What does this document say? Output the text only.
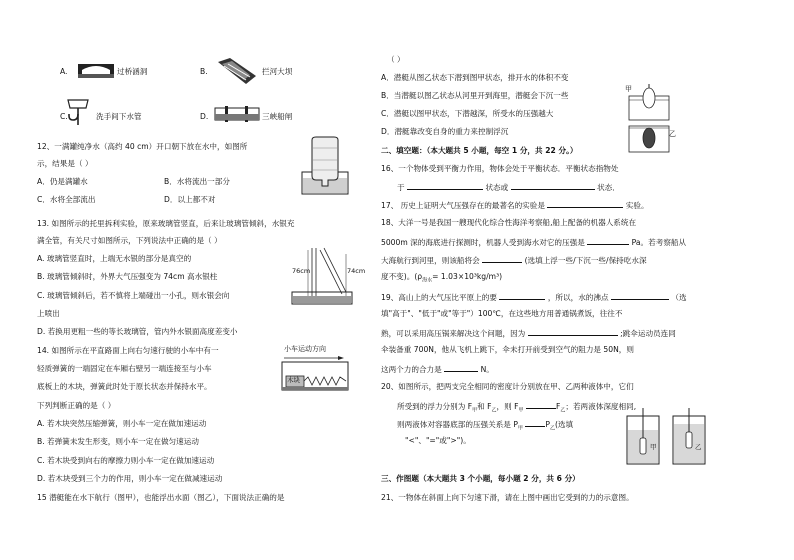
A.	过桥涵洞	B.	拦河大坝
C.	洗手间下水管	D.	三峡船闸
12、一满罐纯净水（高约 40 cm）开口朝下放在水中，如图所
示，结果是（ ）
A．仍是满罐水	B．水将流出一部分
C．水将全部流出	D．以上都不对
13. 如图所示的托里拆利实验，原来玻璃管竖直，后来让玻璃管倾斜，水银充
满全管，有关尺寸如图所示，下列说法中正确的是（ ）
A. 玻璃管竖直时，上端无水银的部分是真空的
B. 玻璃管倾斜时，外界大气压强变为 74cm 高水银柱
C. 玻璃管倾斜后，若不慎将上端碰出一小孔，则水银会向
上喷出
D. 若换用更粗一些的等长玻璃管，管内外水银面高度差变小
76cm	74cm
14. 如图所示在平直路面上向右匀速行驶的小车中有一
轻质弹簧的一端固定在车厢右壁另一端连接至与小车
底板上的木块，弹簧此时处于原长状态并保持水平。
下列判断正确的是（ ）
A. 若木块突然压缩弹簧，则小车一定在做加速运动
B. 若弹簧未发生形变，则小车一定在做匀速运动
C. 若木块受到向右的摩擦力则小车一定在做加速运动
D. 若木块受到三个力的作用，则小车一定在做减速运动
小车运动方向
木块
15 潜艇能在水下航行（图甲），也能浮出水面（图乙），下面说法正确的是
（ ）
A．潜艇从图乙状态下潜到图甲状态，排开水的体积不变
B．当潜艇以图乙状态从河里开到海里，潜艇会下沉一些
C．潜艇以图甲状态，下潜越深，所受水的压强越大
D．潜艇靠改变自身的重力来控制浮沉
甲
乙
二、填空题：（本大题共 5 小题，每空 1 分，共 22 分。）
16、一个物体受到平衡力作用，物体会处于平衡状态．平衡状态指物处
于	状态或	状态．
17、 历史上证明大气压强存在的最著名的实验是	实验。
18、大洋一号是我国一艘现代化综合性海洋考察船,船上配备的机器人系统在
5000m 深的海底进行探测时，机器人受到海水对它的压强是	Pa。若考察船从
大海航行到河里，则该船将会	(选填上浮一些/下沉一些/保持吃水深
度不变)。$(\rho_{海水}= 1.03\times 10^3kg/m^3)$
19、高山上的大气压比平原上的要	，所以，水的沸点	（选
填"高于"、"低于"或"等于"）100℃，在这些地方用普通锅煮饭，往往不
熟，可以采用高压锅来解决这个问题，因为	;跳伞运动员连同
伞装备重 700N，他从飞机上跳下，伞未打开前受到空气的阻力是 50N，则
这两个力的合力是	N。
20、如图所示，把两支完全相同的密度计分别放在甲、乙两种液体中，它们
所受到的浮力分别为 $F_甲$和 $F_乙$，则 $F_甲$	$F_乙$；若两液体深度相同,
则两液体对容器底部的压强关系是 $P_甲$	$P_乙$(选填
"<"、"="或">")。
甲	乙
三、作图题（本大题共 3 个小题，每小题 2 分，共 6 分）
21、一物体在斜面上向下匀速下滑，请在上图中画出它受到的力的示意图。
